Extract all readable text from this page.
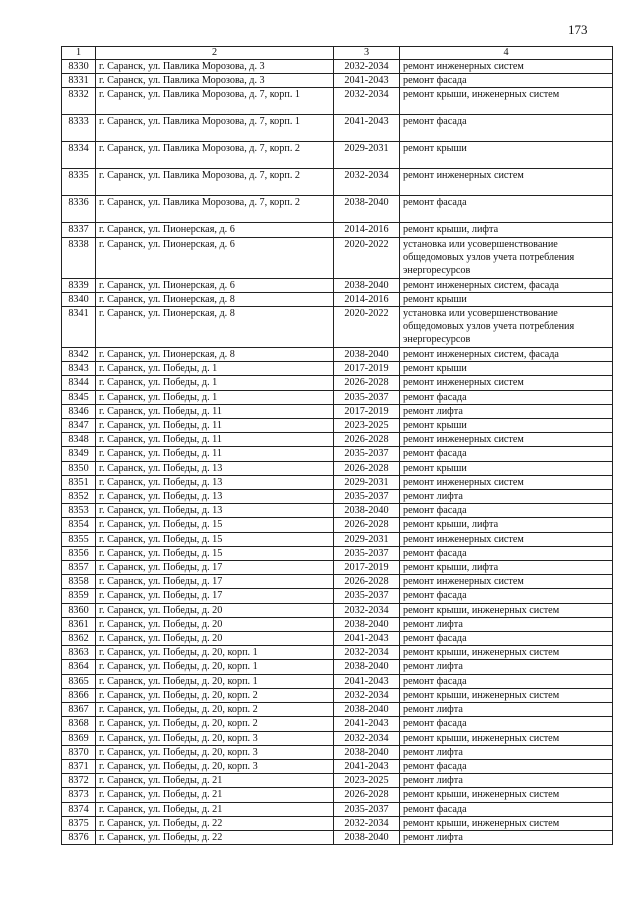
173
1	2	3	4
8330	г. Саранск, ул. Павлика Морозова, д. 3	2032-2034	ремонт инженерных систем
8331	г. Саранск, ул. Павлика Морозова, д. 3	2041-2043	ремонт фасада
8332	г. Саранск, ул. Павлика Морозова, д. 7, корп. 1	2032-2034	ремонт крыши, инженерных систем
8333	г. Саранск, ул. Павлика Морозова, д. 7, корп. 1	2041-2043	ремонт фасада
8334	г. Саранск, ул. Павлика Морозова, д. 7, корп. 2	2029-2031	ремонт крыши
8335	г. Саранск, ул. Павлика Морозова, д. 7, корп. 2	2032-2034	ремонт инженерных систем
8336	г. Саранск, ул. Павлика Морозова, д. 7, корп. 2	2038-2040	ремонт фасада
8337	г. Саранск, ул. Пионерская, д. 6	2014-2016	ремонт крыши, лифта
8338	г. Саранск, ул. Пионерская, д. 6	2020-2022	установка или усовершенствование общедомовых узлов учета потребления энергоресурсов
8339	г. Саранск, ул. Пионерская, д. 6	2038-2040	ремонт инженерных систем, фасада
8340	г. Саранск, ул. Пионерская, д. 8	2014-2016	ремонт крыши
8341	г. Саранск, ул. Пионерская, д. 8	2020-2022	установка или усовершенствование общедомовых узлов учета потребления энергоресурсов
8342	г. Саранск, ул. Пионерская, д. 8	2038-2040	ремонт инженерных систем, фасада
8343	г. Саранск, ул. Победы, д. 1	2017-2019	ремонт крыши
8344	г. Саранск, ул. Победы, д. 1	2026-2028	ремонт инженерных систем
8345	г. Саранск, ул. Победы, д. 1	2035-2037	ремонт фасада
8346	г. Саранск, ул. Победы, д. 11	2017-2019	ремонт лифта
8347	г. Саранск, ул. Победы, д. 11	2023-2025	ремонт крыши
8348	г. Саранск, ул. Победы, д. 11	2026-2028	ремонт инженерных систем
8349	г. Саранск, ул. Победы, д. 11	2035-2037	ремонт фасада
8350	г. Саранск, ул. Победы, д. 13	2026-2028	ремонт крыши
8351	г. Саранск, ул. Победы, д. 13	2029-2031	ремонт инженерных систем
8352	г. Саранск, ул. Победы, д. 13	2035-2037	ремонт лифта
8353	г. Саранск, ул. Победы, д. 13	2038-2040	ремонт фасада
8354	г. Саранск, ул. Победы, д. 15	2026-2028	ремонт крыши, лифта
8355	г. Саранск, ул. Победы, д. 15	2029-2031	ремонт инженерных систем
8356	г. Саранск, ул. Победы, д. 15	2035-2037	ремонт фасада
8357	г. Саранск, ул. Победы, д. 17	2017-2019	ремонт крыши, лифта
8358	г. Саранск, ул. Победы, д. 17	2026-2028	ремонт инженерных систем
8359	г. Саранск, ул. Победы, д. 17	2035-2037	ремонт фасада
8360	г. Саранск, ул. Победы, д. 20	2032-2034	ремонт крыши, инженерных систем
8361	г. Саранск, ул. Победы, д. 20	2038-2040	ремонт лифта
8362	г. Саранск, ул. Победы, д. 20	2041-2043	ремонт фасада
8363	г. Саранск, ул. Победы, д. 20, корп. 1	2032-2034	ремонт крыши, инженерных систем
8364	г. Саранск, ул. Победы, д. 20, корп. 1	2038-2040	ремонт лифта
8365	г. Саранск, ул. Победы, д. 20, корп. 1	2041-2043	ремонт фасада
8366	г. Саранск, ул. Победы, д. 20, корп. 2	2032-2034	ремонт крыши, инженерных систем
8367	г. Саранск, ул. Победы, д. 20, корп. 2	2038-2040	ремонт лифта
8368	г. Саранск, ул. Победы, д. 20, корп. 2	2041-2043	ремонт фасада
8369	г. Саранск, ул. Победы, д. 20, корп. 3	2032-2034	ремонт крыши, инженерных систем
8370	г. Саранск, ул. Победы, д. 20, корп. 3	2038-2040	ремонт лифта
8371	г. Саранск, ул. Победы, д. 20, корп. 3	2041-2043	ремонт фасада
8372	г. Саранск, ул. Победы, д. 21	2023-2025	ремонт лифта
8373	г. Саранск, ул. Победы, д. 21	2026-2028	ремонт крыши, инженерных систем
8374	г. Саранск, ул. Победы, д. 21	2035-2037	ремонт фасада
8375	г. Саранск, ул. Победы, д. 22	2032-2034	ремонт крыши, инженерных систем
8376	г. Саранск, ул. Победы, д. 22	2038-2040	ремонт лифта
